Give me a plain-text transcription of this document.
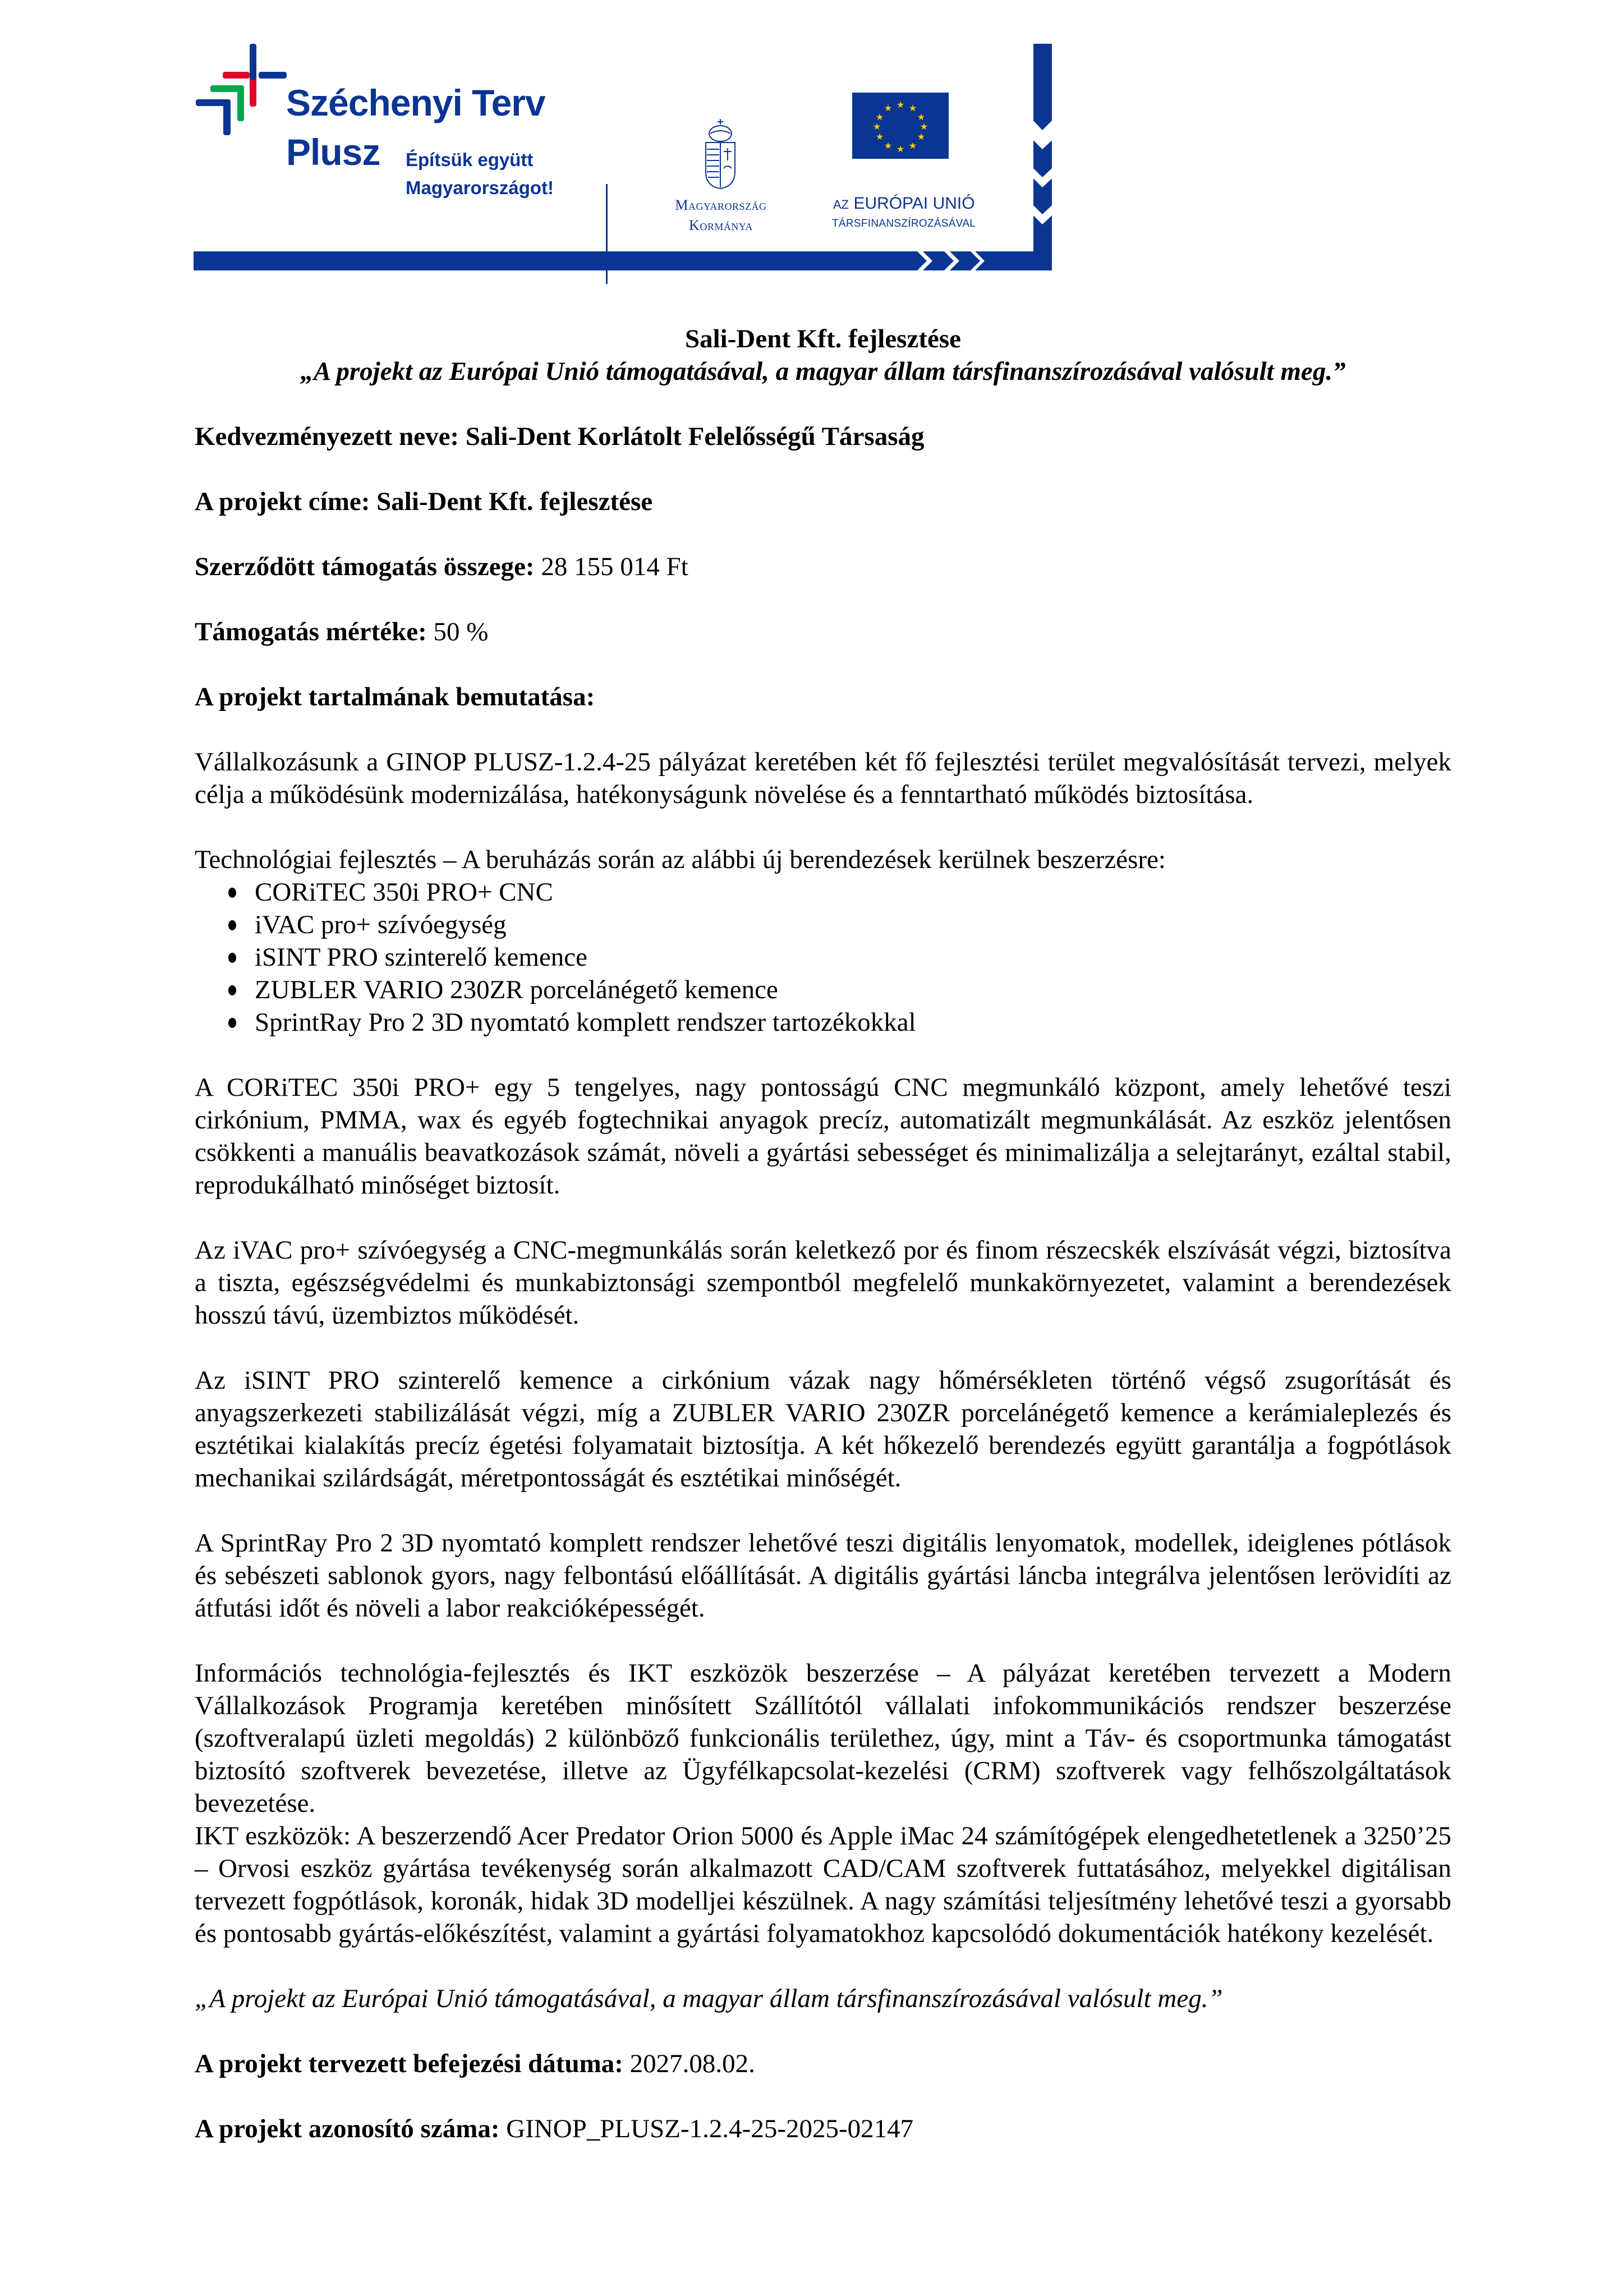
Széchenyi Terv
Plusz Építsük együtt
Magyarországot!
Magyarország
Kormánya
★ ★
★
★
★
★
★
★
★
★
★
★
AZ EURÓPAI UNIÓ
TÁRSFINANSZÍROZÁSÁVAL

Sali-Dent Kft. fejlesztése

„A projekt az Európai Unió támogatásával, a magyar állam társfinanszírozásával valósult meg.”

Kedvezményezett neve: Sali-Dent Korlátolt Felelősségű Társaság

A projekt címe: Sali-Dent Kft. fejlesztése

Szerződött támogatás összege: 28 155 014 Ft

Támogatás mértéke: 50 %

A projekt tartalmának bemutatása:

Vállalkozásunk a GINOP PLUSZ-1.2.4-25 pályázat keretében két fő fejlesztési terület megvalósítását tervezi, melyek célja a működésünk modernizálása, hatékonyságunk növelése és a fenntartható működés biztosítása.

Technológiai fejlesztés – A beruházás során az alábbi új berendezések kerülnek beszerzésre:

CORiTEC 350i PRO+ CNC
iVAC pro+ szívóegység
iSINT PRO szinterelő kemence
ZUBLER VARIO 230ZR porcelánégető kemence
SprintRay Pro 2 3D nyomtató komplett rendszer tartozékokkal

A CORiTEC 350i PRO+ egy 5 tengelyes, nagy pontosságú CNC megmunkáló központ, amely lehetővé teszi cirkónium, PMMA, wax és egyéb fogtechnikai anyagok precíz, automatizált megmunkálását. Az eszköz jelentősen csökkenti a manuális beavatkozások számát, növeli a gyártási sebességet és minimalizálja a selejtarányt, ezáltal stabil, reprodukálható minőséget biztosít.

Az iVAC pro+ szívóegység a CNC-megmunkálás során keletkező por és finom részecskék elszívását végzi, biztosítva a tiszta, egészségvédelmi és munkabiztonsági szempontból megfelelő munkakörnyezetet, valamint a berendezések hosszú távú, üzembiztos működését.

Az iSINT PRO szinterelő kemence a cirkónium vázak nagy hőmérsékleten történő végső zsugorítását és anyagszerkezeti stabilizálását végzi, míg a ZUBLER VARIO 230ZR porcelánégető kemence a kerámialeplezés és esztétikai kialakítás precíz égetési folyamatait biztosítja. A két hőkezelő berendezés együtt garantálja a fogpótlások mechanikai szilárdságát, méretpontosságát és esztétikai minőségét.

A SprintRay Pro 2 3D nyomtató komplett rendszer lehetővé teszi digitális lenyomatok, modellek, ideiglenes pótlások és sebészeti sablonok gyors, nagy felbontású előállítását. A digitális gyártási láncba integrálva jelentősen lerövidíti az átfutási időt és növeli a labor reakcióképességét.

Információs technológia-fejlesztés és IKT eszközök beszerzése – A pályázat keretében tervezett a Modern Vállalkozások Programja keretében minősített Szállítótól vállalati infokommunikációs rendszer beszerzése (szoftveralapú üzleti megoldás) 2 különböző funkcionális területhez, úgy, mint a Táv- és csoportmunka támogatást biztosító szoftverek bevezetése, illetve az Ügyfélkapcsolat-kezelési (CRM) szoftverek vagy felhőszolgáltatások bevezetése.

IKT eszközök: A beszerzendő Acer Predator Orion 5000 és Apple iMac 24 számítógépek elengedhetetlenek a 3250’25 – Orvosi eszköz gyártása tevékenység során alkalmazott CAD/CAM szoftverek futtatásához, melyekkel digitálisan tervezett fogpótlások, koronák, hidak 3D modelljei készülnek. A nagy számítási teljesítmény lehetővé teszi a gyorsabb és pontosabb gyártás-előkészítést, valamint a gyártási folyamatokhoz kapcsolódó dokumentációk hatékony kezelését.

„A projekt az Európai Unió támogatásával, a magyar állam társfinanszírozásával valósult meg.”

A projekt tervezett befejezési dátuma: 2027.08.02.

A projekt azonosító száma: GINOP_PLUSZ-1.2.4-25-2025-02147
